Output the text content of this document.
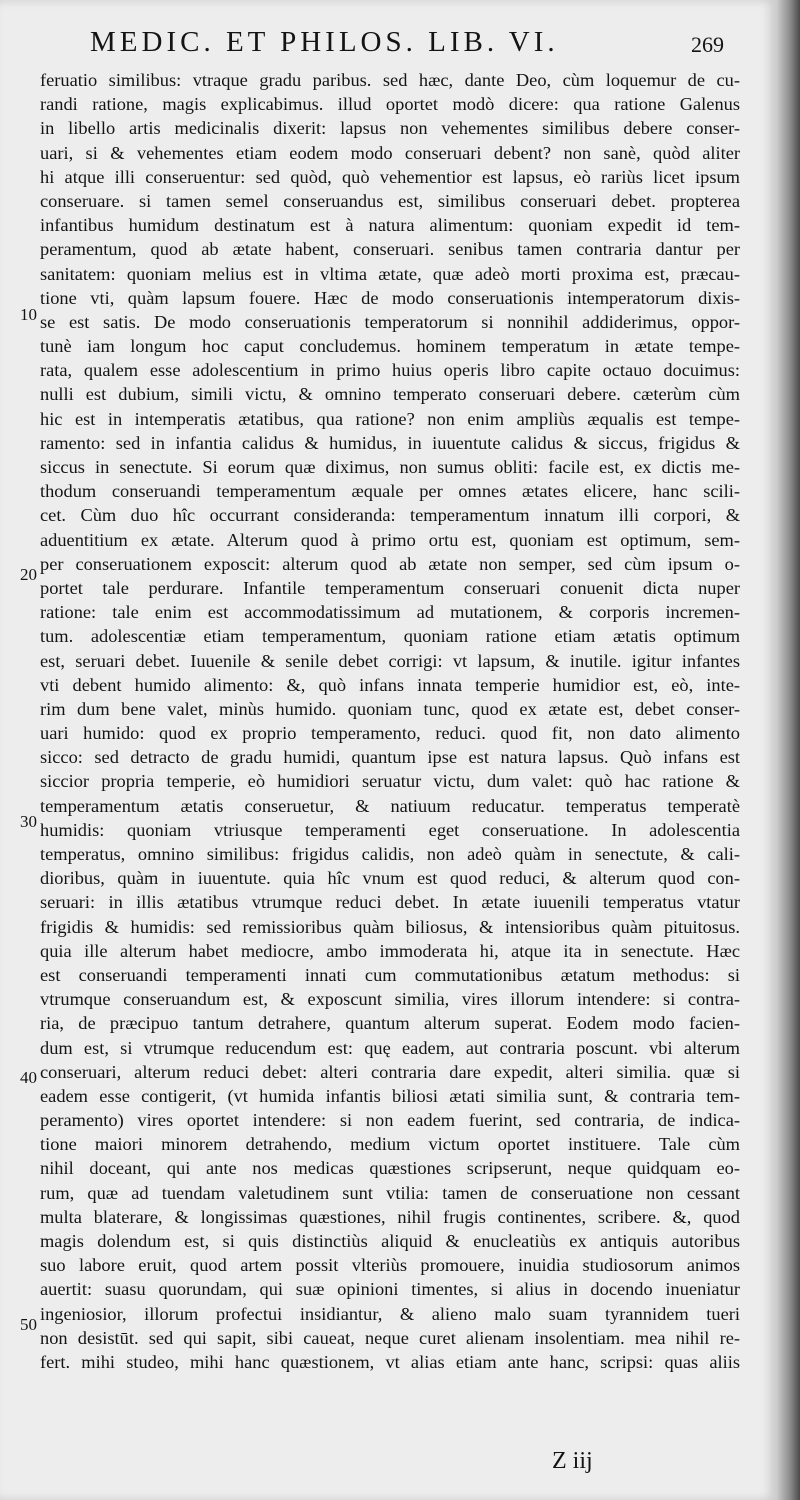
MEDIC. ET PHILOS. LIB. VI.	269
10
20
30
40
50
feruatio similibus: vtraque gradu paribus. sed hæc, dante Deo, cùm loquemur de cu-
randi ratione, magis explicabimus. illud oportet modò dicere: qua ratione Galenus
in libello artis medicinalis dixerit: lapsus non vehementes similibus debere conser-
uari, si & vehementes etiam eodem modo conseruari debent? non sanè, quòd aliter
hi atque illi conseruentur: sed quòd, quò vehementior est lapsus, eò rariùs licet ipsum
conseruare. si tamen semel conseruandus est, similibus conseruari debet. propterea
infantibus humidum destinatum est à natura alimentum: quoniam expedit id tem-
peramentum, quod ab ætate habent, conseruari. senibus tamen contraria dantur per
sanitatem: quoniam melius est in vltima ætate, quæ adeò morti proxima est, præcau-
tione vti, quàm lapsum fouere. Hæc de modo conseruationis intemperatorum dixis-
se est satis. De modo conseruationis temperatorum si nonnihil addiderimus, oppor-
tunè iam longum hoc caput concludemus. hominem temperatum in ætate tempe-
rata, qualem esse adolescentium in primo huius operis libro capite octauo docuimus:
nulli est dubium, simili victu, & omnino temperato conseruari debere. cæterùm cùm
hic est in intemperatis ætatibus, qua ratione? non enim ampliùs æqualis est tempe-
ramento: sed in infantia calidus & humidus, in iuuentute calidus & siccus, frigidus &
siccus in senectute. Si eorum quæ diximus, non sumus obliti: facile est, ex dictis me-
thodum conseruandi temperamentum æquale per omnes ætates elicere, hanc scili-
cet. Cùm duo hîc occurrant consideranda: temperamentum innatum illi corpori, &
aduentitium ex ætate. Alterum quod à primo ortu est, quoniam est optimum, sem-
per conseruationem exposcit: alterum quod ab ætate non semper, sed cùm ipsum o-
portet tale perdurare. Infantile temperamentum conseruari conuenit dicta nuper
ratione: tale enim est accommodatissimum ad mutationem, & corporis incremen-
tum. adolescentiæ etiam temperamentum, quoniam ratione etiam ætatis optimum
est, seruari debet. Iuuenile & senile debet corrigi: vt lapsum, & inutile. igitur infantes
vti debent humido alimento: &, quò infans innata temperie humidior est, eò, inte-
rim dum bene valet, minùs humido. quoniam tunc, quod ex ætate est, debet conser-
uari humido: quod ex proprio temperamento, reduci. quod fit, non dato alimento
sicco: sed detracto de gradu humidi, quantum ipse est natura lapsus. Quò infans est
siccior propria temperie, eò humidiori seruatur victu, dum valet: quò hac ratione &
temperamentum ætatis conseruetur, & natiuum reducatur. temperatus temperatè
humidis: quoniam vtriusque temperamenti eget conseruatione. In adolescentia
temperatus, omnino similibus: frigidus calidis, non adeò quàm in senectute, & cali-
dioribus, quàm in iuuentute. quia hîc vnum est quod reduci, & alterum quod con-
seruari: in illis ætatibus vtrumque reduci debet. In ætate iuuenili temperatus vtatur
frigidis & humidis: sed remissioribus quàm biliosus, & intensioribus quàm pituitosus.
quia ille alterum habet mediocre, ambo immoderata hi, atque ita in senectute. Hæc
est conseruandi temperamenti innati cum commutationibus ætatum methodus: si
vtrumque conseruandum est, & exposcunt similia, vires illorum intendere: si contra-
ria, de præcipuo tantum detrahere, quantum alterum superat. Eodem modo facien-
dum est, si vtrumque reducendum est: quę eadem, aut contraria poscunt. vbi alterum
conseruari, alterum reduci debet: alteri contraria dare expedit, alteri similia. quæ si
eadem esse contigerit, (vt humida infantis biliosi ætati similia sunt, & contraria tem-
peramento) vires oportet intendere: si non eadem fuerint, sed contraria, de indica-
tione maiori minorem detrahendo, medium victum oportet instituere. Tale cùm
nihil doceant, qui ante nos medicas quæstiones scripserunt, neque quidquam eo-
rum, quæ ad tuendam valetudinem sunt vtilia: tamen de conseruatione non cessant
multa blaterare, & longissimas quæstiones, nihil frugis continentes, scribere. &, quod
magis dolendum est, si quis distinctiùs aliquid & enucleatiùs ex antiquis autoribus
suo labore eruit, quod artem possit vlteriùs promouere, inuidia studiosorum animos
auertit: suasu quorundam, qui suæ opinioni timentes, si alius in docendo inueniatur
ingeniosior, illorum profectui insidiantur, & alieno malo suam tyrannidem tueri
non desistūt. sed qui sapit, sibi caueat, neque curet alienam insolentiam. mea nihil re-
fert. mihi studeo, mihi hanc quæstionem, vt alias etiam ante hanc, scripsi: quas aliis
Z iij
